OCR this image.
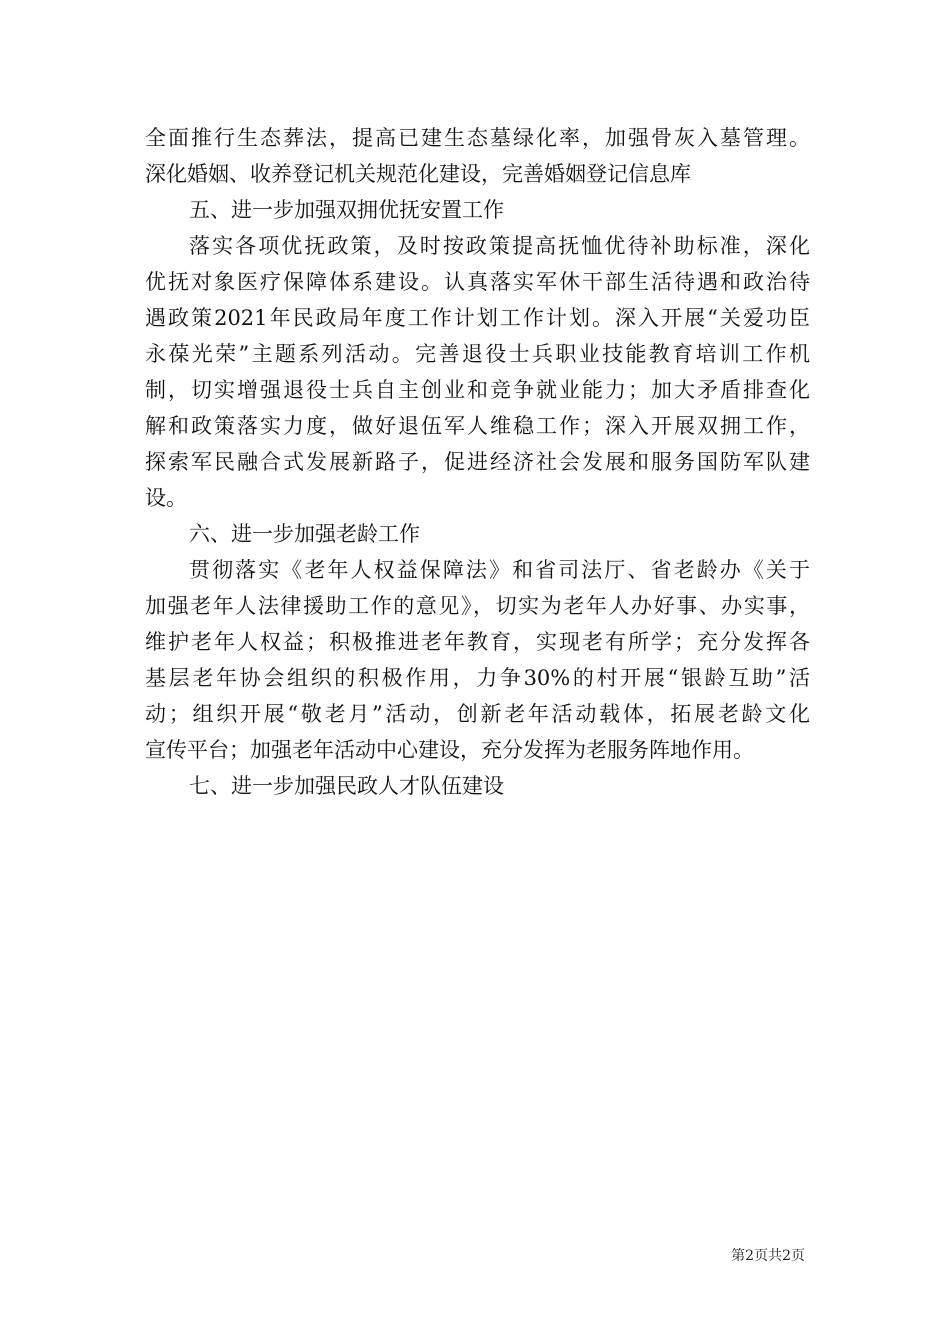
全面推行生态葬法，提高已建生态墓绿化率，加强骨灰入墓管理。
深化婚姻、收养登记机关规范化建设，完善婚姻登记信息库
五、进一步加强双拥优抚安置工作
落实各项优抚政策，及时按政策提高抚恤优待补助标准，深化
优抚对象医疗保障体系建设。认真落实军休干部生活待遇和政治待
遇政策2021年民政局年度工作计划工作计划。深入开展“关爱功臣
永葆光荣”主题系列活动。完善退役士兵职业技能教育培训工作机
制，切实增强退役士兵自主创业和竞争就业能力；加大矛盾排查化
解和政策落实力度，做好退伍军人维稳工作；深入开展双拥工作，
探索军民融合式发展新路子，促进经济社会发展和服务国防军队建
设。
六、进一步加强老龄工作
贯彻落实《老年人权益保障法》和省司法厅、省老龄办《关于
加强老年人法律援助工作的意见》，切实为老年人办好事、办实事，
维护老年人权益；积极推进老年教育，实现老有所学；充分发挥各
基层老年协会组织的积极作用，力争30%的村开展“银龄互助”活
动；组织开展“敬老月”活动，创新老年活动载体，拓展老龄文化
宣传平台；加强老年活动中心建设，充分发挥为老服务阵地作用。
七、进一步加强民政人才队伍建设
第2页共2页
